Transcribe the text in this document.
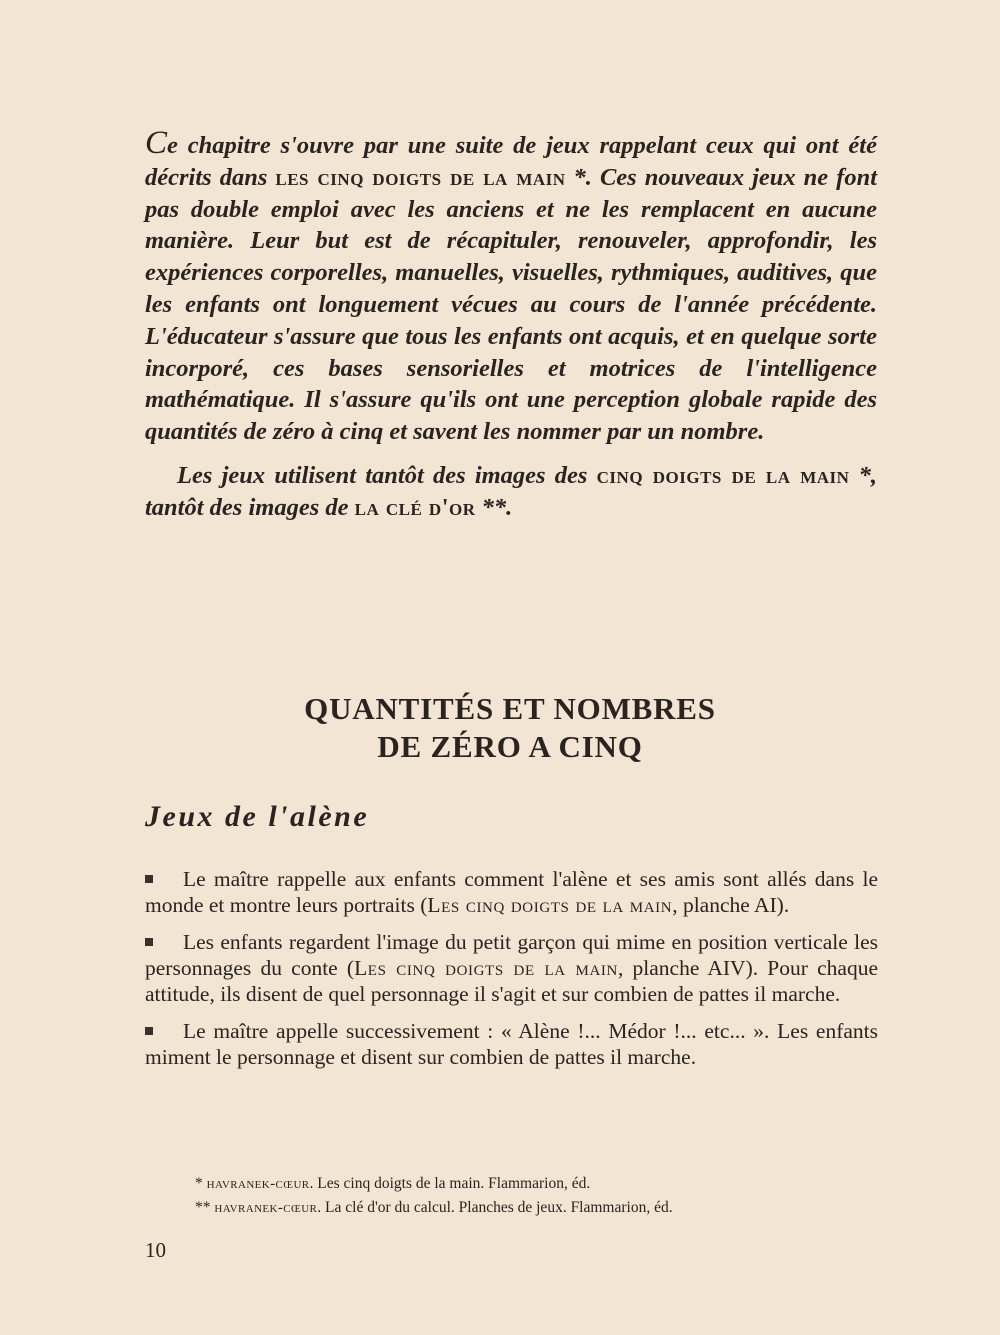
Ce chapitre s'ouvre par une suite de jeux rappelant ceux qui ont été décrits dans les cinq doigts de la main *. Ces nouveaux jeux ne font pas double emploi avec les anciens et ne les remplacent en aucune manière. Leur but est de récapituler, renouveler, approfondir, les expériences corporelles, manuelles, visuelles, rythmiques, auditives, que les enfants ont longuement vécues au cours de l'année précédente. L'éducateur s'assure que tous les enfants ont acquis, et en quelque sorte incorporé, ces bases sensorielles et motrices de l'intelligence mathématique. Il s'assure qu'ils ont une perception globale rapide des quantités de zéro à cinq et savent les nommer par un nombre.

Les jeux utilisent tantôt des images des cinq doigts de la main *, tantôt des images de la clé d'or **.

QUANTITÉS ET NOMBRES
DE ZÉRO A CINQ
Jeux de l'alène

Le maître rappelle aux enfants comment l'alène et ses amis sont allés dans le monde et montre leurs portraits (Les cinq doigts de la main, planche AI).

Les enfants regardent l'image du petit garçon qui mime en position verticale les personnages du conte (Les cinq doigts de la main, planche AIV). Pour chaque attitude, ils disent de quel personnage il s'agit et sur combien de pattes il marche.

Le maître appelle successivement : « Alène !... Médor !... etc... ». Les enfants miment le personnage et disent sur combien de pattes il marche.

* havranek-cœur. Les cinq doigts de la main. Flammarion, éd.
** havranek-cœur. La clé d'or du calcul. Planches de jeux. Flammarion, éd.
10
